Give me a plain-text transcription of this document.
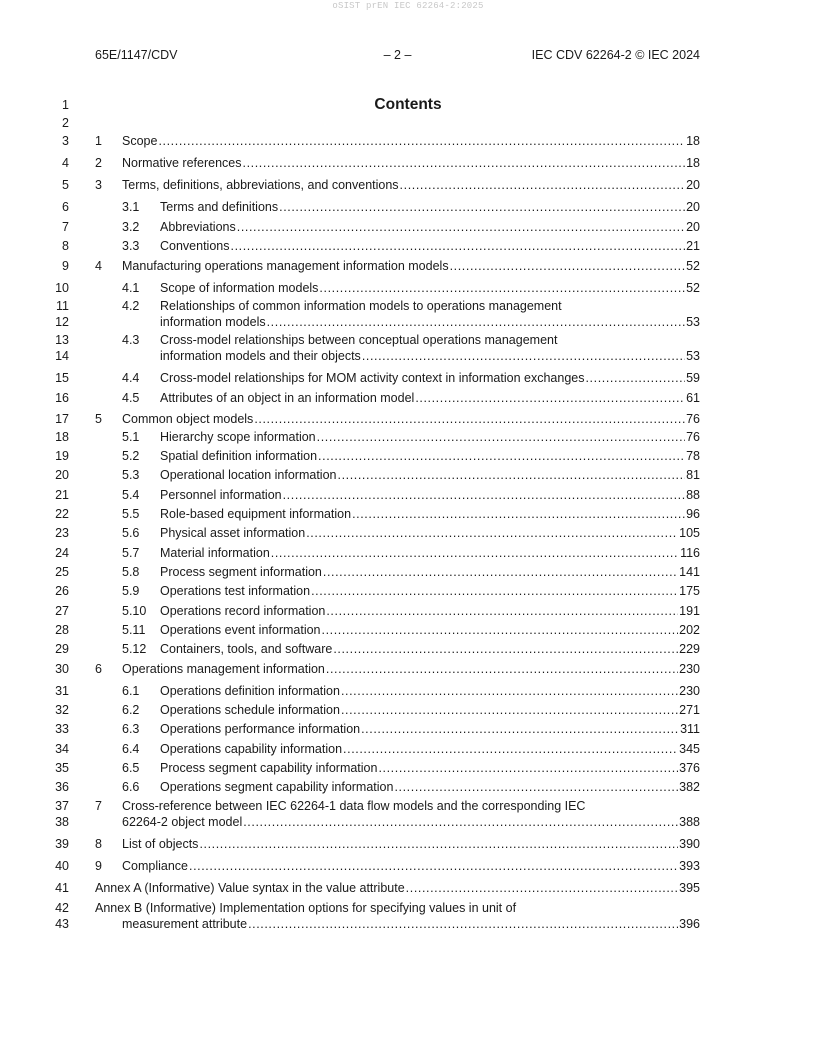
oSIST prEN IEC 62264-2:2025
65E/1147/CDV	– 2 –	IEC CDV 62264-2 © IEC 2024
1	Contents
2
3 1 Scope .....	18
4 2 Normative references .....	18
5 3 Terms, definitions, abbreviations, and conventions .....	20
6	3.1 Terms and definitions .....	20
7	3.2 Abbreviations .....	20
8	3.3 Conventions .....	21
9 4 Manufacturing operations management information models .....	52
10	4.1 Scope of information models .....	52
11	4.2 Relationships of common information models to operations management
12	information models .....	53
13	4.3 Cross-model relationships between conceptual operations management
14	information models and their objects .....	53
15	4.4 Cross-model relationships for MOM activity context in information exchanges .....	59
16	4.5 Attributes of an object in an information model .....	61
17 5 Common object models .....	76
18	5.1 Hierarchy scope information .....	76
19	5.2 Spatial definition information .....	78
20	5.3 Operational location information .....	81
21	5.4 Personnel information .....	88
22	5.5 Role-based equipment information .....	96
23	5.6 Physical asset information .....	105
24	5.7 Material information .....	116
25	5.8 Process segment information .....	141
26	5.9 Operations test information .....	175
27	5.10 Operations record information .....	191
28	5.11 Operations event information .....	202
29	5.12 Containers, tools, and software .....	229
30 6 Operations management information .....	230
31	6.1 Operations definition information .....	230
32	6.2 Operations schedule information .....	271
33	6.3 Operations performance information .....	311
34	6.4 Operations capability information .....	345
35	6.5 Process segment capability information .....	376
36	6.6 Operations segment capability information .....	382
37 7 Cross-reference between IEC 62264-1 data flow models and the corresponding IEC
38	62264-2 object model .....	388
39 8 List of objects .....	390
40 9 Compliance .....	393
41 Annex A (Informative) Value syntax in the value attribute .....	395
42 Annex B (Informative) Implementation options for specifying values in unit of
43	measurement attribute .....	396
